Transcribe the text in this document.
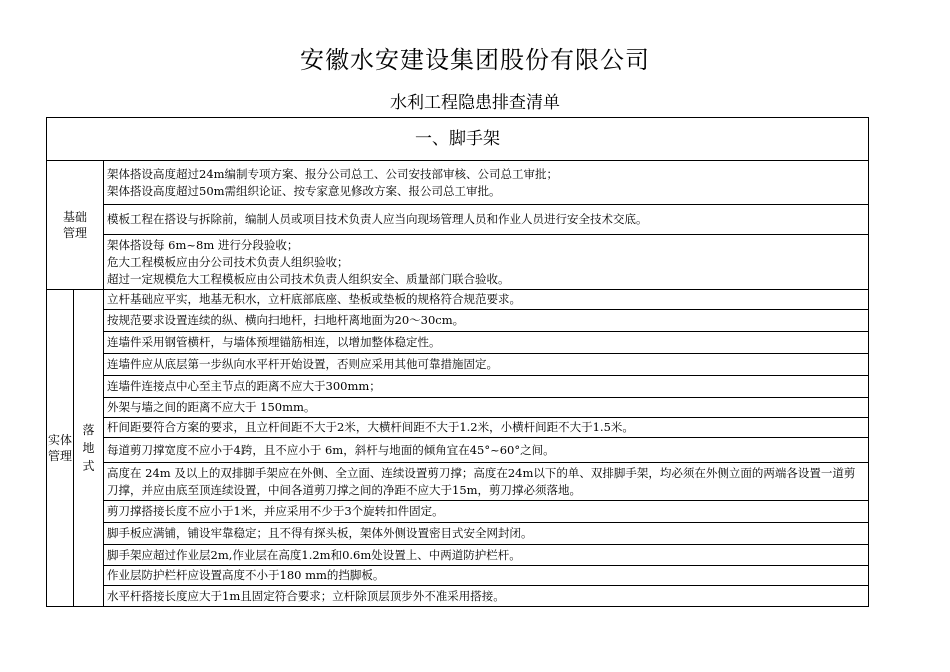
安徽水安建设集团股份有限公司
水利工程隐患排查清单
一、脚手架		
基础
管理		架体搭设高度超过24m编制专项方案、报分公司总工、公司安技部审核、公司总工审批；
架体搭设高度超过50m需组织论证、按专家意见修改方案、报公司总工审批。

		模板工程在搭设与拆除前，编制人员或项目技术负责人应当向现场管理人员和作业人员进行安全技术交底。

		架体搭设每 6m~8m 进行分段验收；
危大工程模板应由分公司技术负责人组织验收；
超过一定规模危大工程模板应由公司技术负责人组织安全、质量部门联合验收。

实体
管理	落
地
式	立杆基础应平实，地基无积水，立杆底部底座、垫板或垫板的规格符合规范要求。
		按规范要求设置连续的纵、横向扫地杆，扫地杆离地面为20～30cm。
		连墙件采用钢管横杆，与墙体预埋锚筋相连，以增加整体稳定性。
		连墙件应从底层第一步纵向水平杆开始设置，否则应采用其他可靠措施固定。
		连墙件连接点中心至主节点的距离不应大于300mm；
		外架与墙之间的距离不应大于 150mm。
		杆间距要符合方案的要求，且立杆间距不大于2米，大横杆间距不大于1.2米，小横杆间距不大于1.5米。
		每道剪刀撑宽度不应小于4跨，且不应小于 6m，斜杆与地面的倾角宜在45°~60°之间。
		高度在 24m 及以上的双排脚手架应在外侧、全立面、连续设置剪刀撑；高度在24m以下的单、双排脚手架，均必须在外侧立面的两端各设置一道剪刀撑，并应由底至顶连续设置，中间各道剪刀撑之间的净距不应大于15m，剪刀撑必须落地。
		剪刀撑搭接长度不应小于1米，并应采用不少于3个旋转扣件固定。
		脚手板应满铺，铺设牢靠稳定；且不得有探头板，架体外侧设置密目式安全网封闭。
		脚手架应超过作业层2m,作业层在高度1.2m和0.6m处设置上、中两道防护栏杆。
		作业层防护栏杆应设置高度不小于180 mm的挡脚板。
		水平杆搭接长度应大于1m且固定符合要求；立杆除顶层顶步外不准采用搭接。
